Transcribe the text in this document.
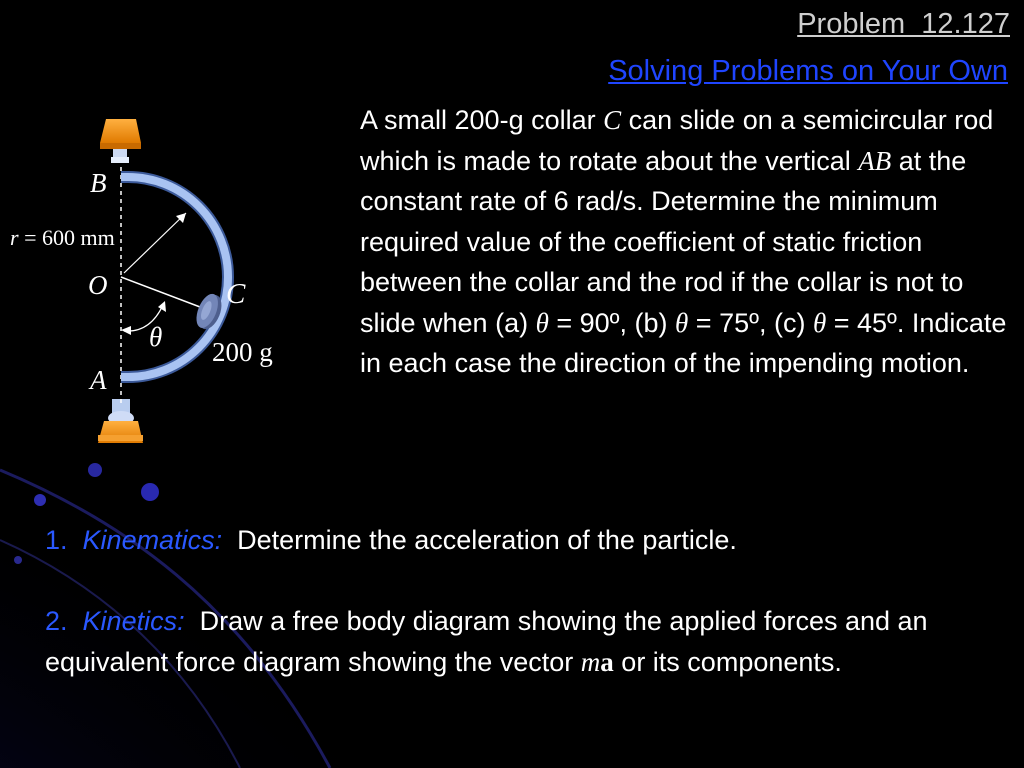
Problem  12.127
Solving Problems on Your Own
B
r = 600 mm
O	C
θ 200 g
A
A small 200-g collar C can slide on a semicircular rod which is made to rotate about the vertical AB at the constant rate of 6 rad/s. Determine the minimum required value of the coefficient of static friction between the collar and the rod if the collar is not to slide when (a) θ = 90º, (b) θ = 75º, (c) θ = 45º. Indicate in each case the direction of the impending motion.
1. Kinematics: Determine the acceleration of the particle.
2. Kinetics: Draw a free body diagram showing the applied forces and an equivalent force diagram showing the vector ma or its components.
